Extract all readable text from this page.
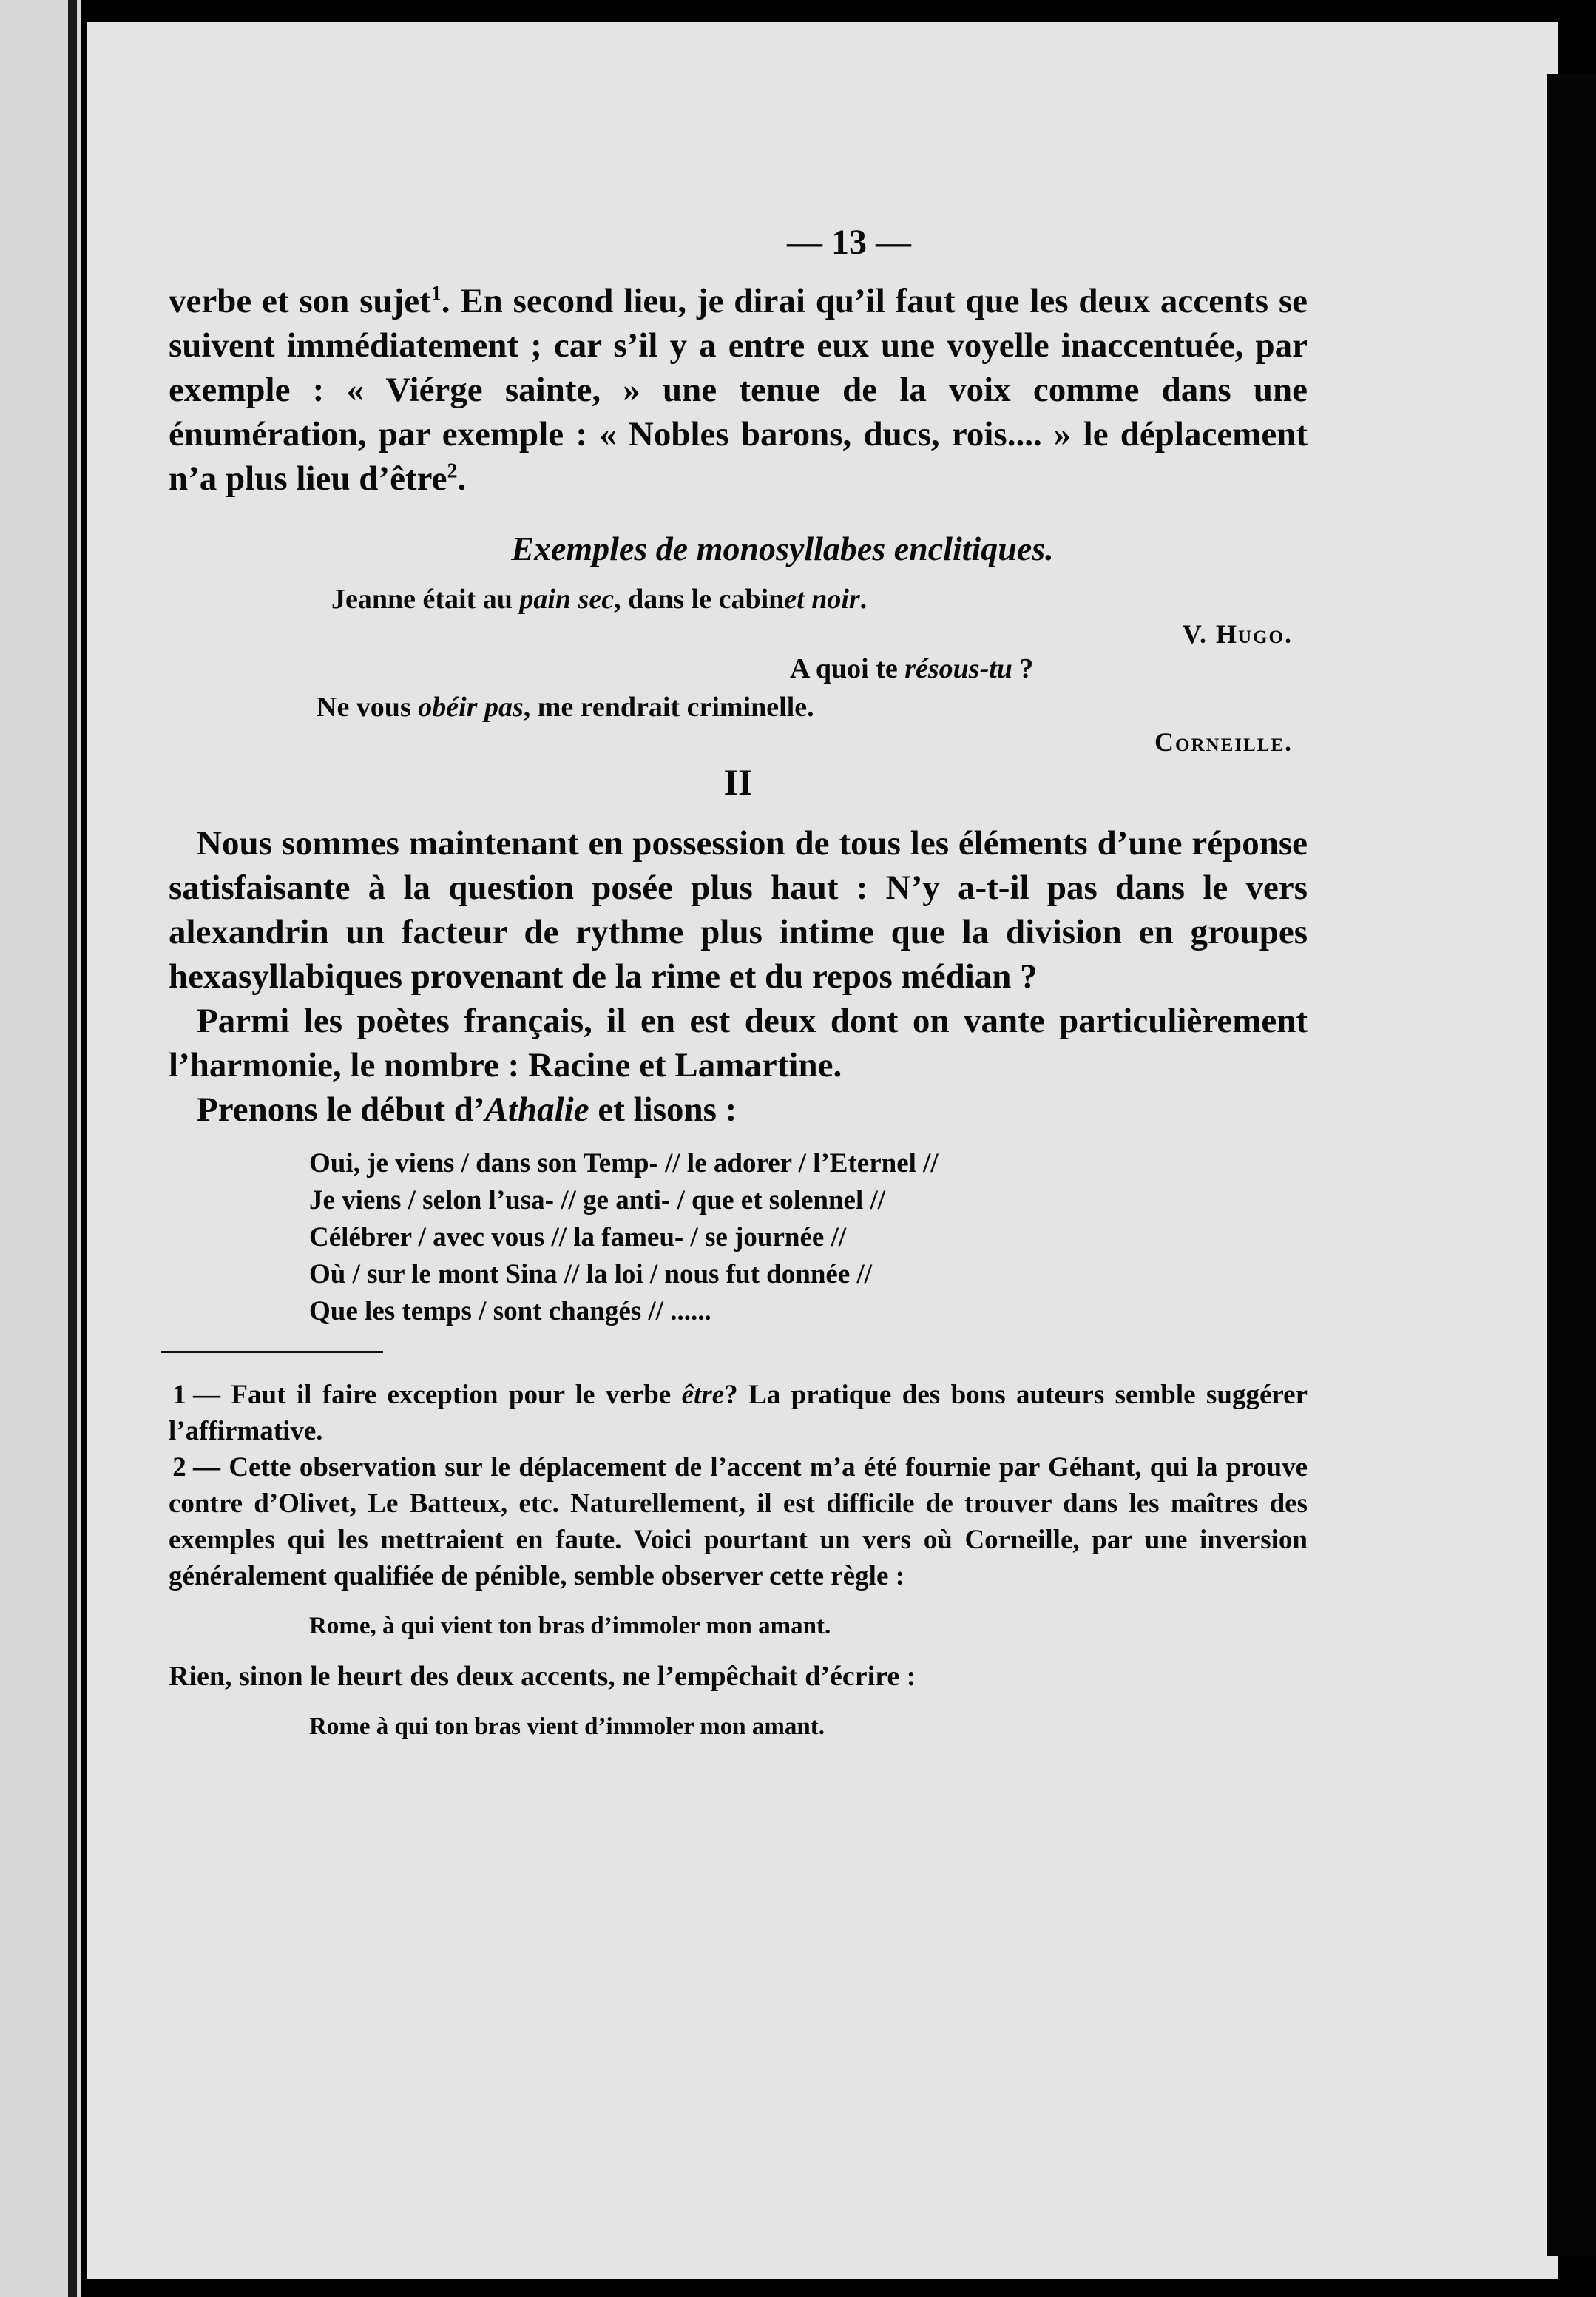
— 13 —

verbe et son sujet$^1$. En second lieu, je dirai qu’il faut que les deux accents se suivent immédiatement ; car s’il y a entre eux une voyelle inaccentuée, par exemple : « Viérge sainte, » une tenue de la voix comme dans une énumération, par exemple : « Nobles barons, ducs, rois.... » le déplacement n’a plus lieu d’être$^2$.

Exemples de monosyllabes enclitiques.

Jeanne était au pain sec, dans le cabinet noir.

V. Hugo.

A quoi te résous-tu ?

Ne vous obéir pas, me rendrait criminelle.

Corneille.
II

Nous sommes maintenant en possession de tous les éléments d’une réponse satisfaisante à la question posée plus haut : N’y a-t-il pas dans le vers alexandrin un facteur de rythme plus intime que la division en groupes hexasyllabiques provenant de la rime et du repos médian ?

Parmi les poètes français, il en est deux dont on vante particulièrement l’harmonie, le nombre : Racine et Lamartine.

Prenons le début d’Athalie et lisons :

Oui, je viens / dans son Temp- // le adorer / l’Eternel //

Je viens / selon l’usa- // ge anti- / que et solennel //

Célébrer / avec vous // la fameu- / se journée //

Où / sur le mont Sina // la loi / nous fut donnée //

Que les temps / sont changés // ......

1 — Faut il faire exception pour le verbe être? La pratique des bons auteurs semble suggérer l’affirmative.

2 — Cette observation sur le déplacement de l’accent m’a été fournie par Géhant, qui la prouve contre d’Olivet, Le Batteux, etc. Naturellement, il est difficile de trouver dans les maîtres des exemples qui les mettraient en faute. Voici pourtant un vers où Corneille, par une inversion généralement qualifiée de pénible, semble observer cette règle :

Rome, à qui vient ton bras d’immoler mon amant.

Rien, sinon le heurt des deux accents, ne l’empêchait d’écrire :

Rome à qui ton bras vient d’immoler mon amant.
